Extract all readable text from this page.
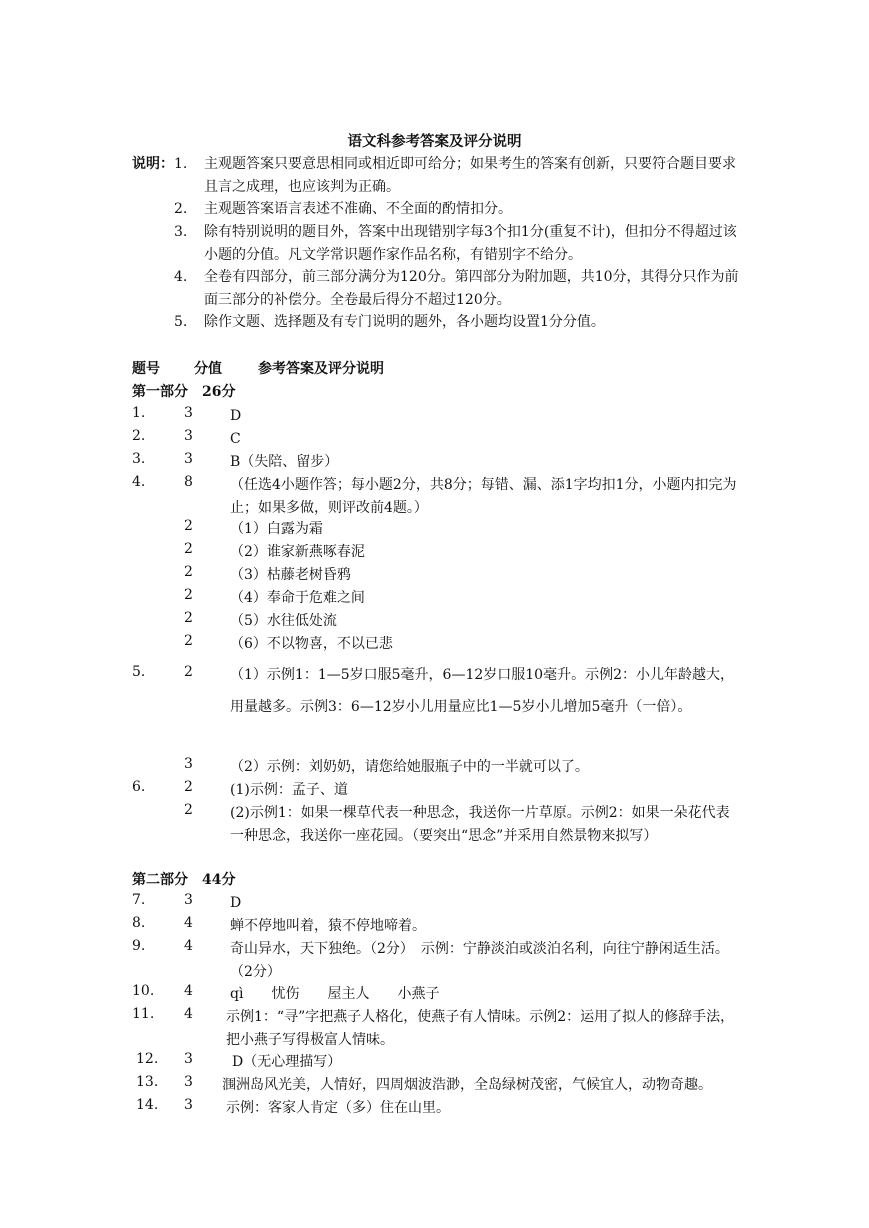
语文科参考答案及评分说明
说明： 1.	主观题答案只要意思相同或相近即可给分；如果考生的答案有创新，只要符合题目要求且言之成理，也应该判为正确。
2.	主观题答案语言表述不准确、不全面的酌情扣分。
3.	除有特别说明的题目外，答案中出现错别字每3个扣1分(重复不计)，但扣分不得超过该小题的分值。凡文学常识题作家作品名称，有错别字不给分。
4.	全卷有四部分，前三部分满分为120分。第四部分为附加题，共10分，其得分只作为前面三部分的补偿分。全卷最后得分不超过120分。
5.	除作文题、选择题及有专门说明的题外，各小题均设置1分分值。
题号 分值	参考答案及评分说明
第一部分　26分
1.	3	D
2.	3	C
3.	3	B（失陪、留步）
4.	8	（任选4小题作答；每小题2分，共8分；每错、漏、添1字均扣1分，小题内扣完为止；如果多做，则评改前4题。）
2	（1）白露为霜
2	（2）谁家新燕啄春泥
2	（3）枯藤老树昏鸦
2	（4）奉命于危难之间
2	（5）水往低处流
2	（6）不以物喜，不以已悲
5.	2	（1）示例1：1—5岁口服5毫升，6—12岁口服10毫升。示例2：小儿年龄越大，用量越多。示例3：6—12岁小儿用量应比1—5岁小儿增加5毫升（一倍）。
3	（2）示例：刘奶奶，请您给她服瓶子中的一半就可以了。
6.	2	(1)示例：孟子、道
2	(2)示例1：如果一棵草代表一种思念，我送你一片草原。示例2：如果一朵花代表一种思念，我送你一座花园。（要突出“思念”并采用自然景物来拟写）
第二部分　44分
7.	3	D
8.	4	蝉不停地叫着，猿不停地啼着。
9.	4	奇山异水，天下独绝。（2分）　示例：宁静淡泊或淡泊名利，向往宁静闲适生活。（2分）
10. 4	qì　　忧伤　　屋主人　　小燕子
11. 4 示例1：“寻”字把燕子人格化，使燕子有人情味。示例2：运用了拟人的修辞手法，把小燕子写得极富人情味。
12. 3	D（无心理描写）
13. 3 涠洲岛风光美，人情好，四周烟波浩渺，全岛绿树茂密，气候宜人，动物奇趣。
14. 3 示例：客家人肯定（多）住在山里。
